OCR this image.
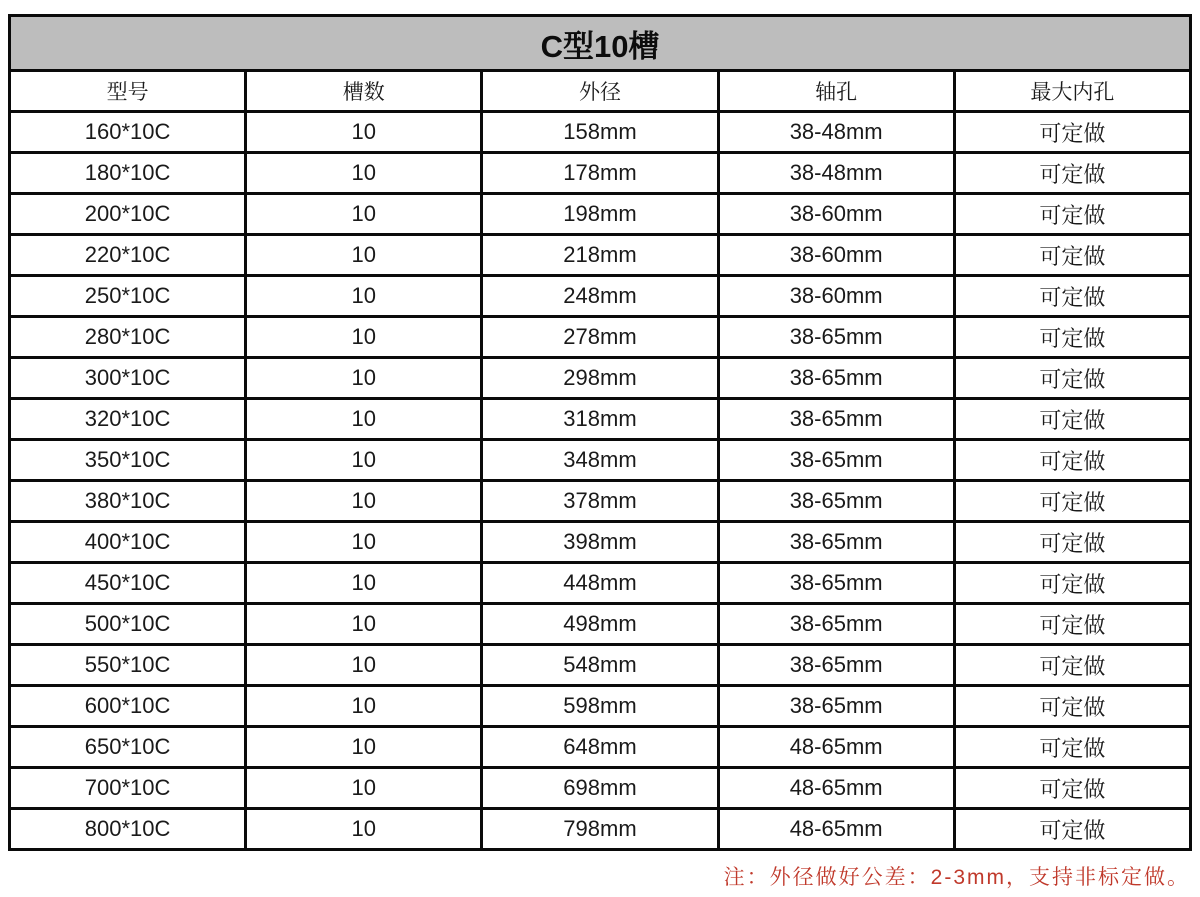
C型10槽				
型号	槽数	外径	轴孔	最大内孔
160*10C	10	158mm	38-48mm	可定做
180*10C	10	178mm	38-48mm	可定做
200*10C	10	198mm	38-60mm	可定做
220*10C	10	218mm	38-60mm	可定做
250*10C	10	248mm	38-60mm	可定做
280*10C	10	278mm	38-65mm	可定做
300*10C	10	298mm	38-65mm	可定做
320*10C	10	318mm	38-65mm	可定做
350*10C	10	348mm	38-65mm	可定做
380*10C	10	378mm	38-65mm	可定做
400*10C	10	398mm	38-65mm	可定做
450*10C	10	448mm	38-65mm	可定做
500*10C	10	498mm	38-65mm	可定做
550*10C	10	548mm	38-65mm	可定做
600*10C	10	598mm	38-65mm	可定做
650*10C	10	648mm	48-65mm	可定做
700*10C	10	698mm	48-65mm	可定做
800*10C	10	798mm	48-65mm	可定做
注：外径做好公差：2-3mm，支持非标定做。
